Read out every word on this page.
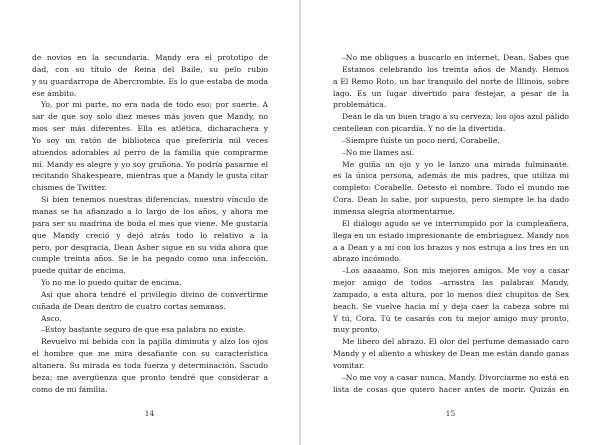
de novios en la secundaria. Mandy era el prototipo de
dad, con su título de Reina del Baile, su pelo rubio
y su guardarropa de Abercrombie. Es lo que estaba de moda
ese ámbito.
Yo, por mi parte, no era nada de todo eso; por suerte. A
sar de que soy solo diez meses más joven que Mandy, no
mos ser más diferentes. Ella es atlética, dicharachera y
Yo soy un ratón de biblioteca que preferiría mil veces
atuendos adorables al perro de la familia que comprarme
mí. Mandy es alegre y yo soy gruñona. Yo podría pasarme el
recitando Shakespeare, mientras que a Mandy le gusta citar
chismes de Twitter.
Si bien tenemos nuestras diferencias, nuestro vínculo de
manas se ha afianzado a lo largo de los años, y ahora me
para ser su madrina de boda el mes que viene. Me gustaría
que Mandy creció y dejó atrás todo lo relativo a la
pero, por desgracia, Dean Asher sigue en su vida ahora que
cumple treinta años. Se le ha pegado como una infección.
puede quitar de encima.
Yo no me lo puedo quitar de encima.
Así que ahora tendré el privilegio divino de convertirme
cuñada de Dean dentro de cuatro cortas semanas.
Asco.
–Estoy bastante seguro de que esa palabra no existe.
Revuelvo mi bebida con la pajilla diminuta y alzo los ojos
el hombre que me mira desafiante con su característica
altanera. Su mirada es toda fuerza y determinación. Sacudo
beza; me avergüenza que pronto tendré que considerar a
como de mi familia.
14
–No me obligues a buscarlo en internet, Dean. Sabes que
Estamos celebrando los treinta años de Mandy. Hemos
a El Remo Roto, un bar tranquilo del norte de Illinois, sobre
lago. Es un lugar divertido para festejar, a pesar de la
problemática.
Dean le da un buen trago a su cerveza; los ojos azul pálido
centellean con picardía. Y no de la divertida.
–Siempre fuiste un poco nerd, Corabelle.
–No me llames así.
Me guiña un ojo y yo le lanzo una mirada fulminante.
es la única persona, además de mis padres, que utiliza mi
completo: Corabelle. Detesto el nombre. Todo el mundo me
Cora. Dean lo sabe, por supuesto, pero siempre le ha dado
inmensa alegría atormentarme.
El diálogo agudo se ve interrumpido por la cumpleañera,
llega en un estado impresionante de embriaguez. Mandy nos
a a Dean y a mí con los brazos y nos estruja a los tres en un
abrazo incómodo.
–Los aaaaamo. Son mis mejores amigos. Me voy a casar
mejor amigo de todos –arrastra las palabras Mandy,
zampado, a esta altura, por lo menos diez chupitos de Sex
beach. Se vuelve hacia mí y deja caer la cabeza sobre mi
Y tú, Cora. Tú te casarás con tu mejor amigo muy pronto,
muy pronto.
Me libero del abrazo. El olor del perfume demasiado caro
Mandy y el aliento a whiskey de Dean me están dando ganas
vomitar.
–No me voy a casar nunca, Mandy. Divorciarme no está en
lista de cosas que quiero hacer antes de morir. Quizás en
15
